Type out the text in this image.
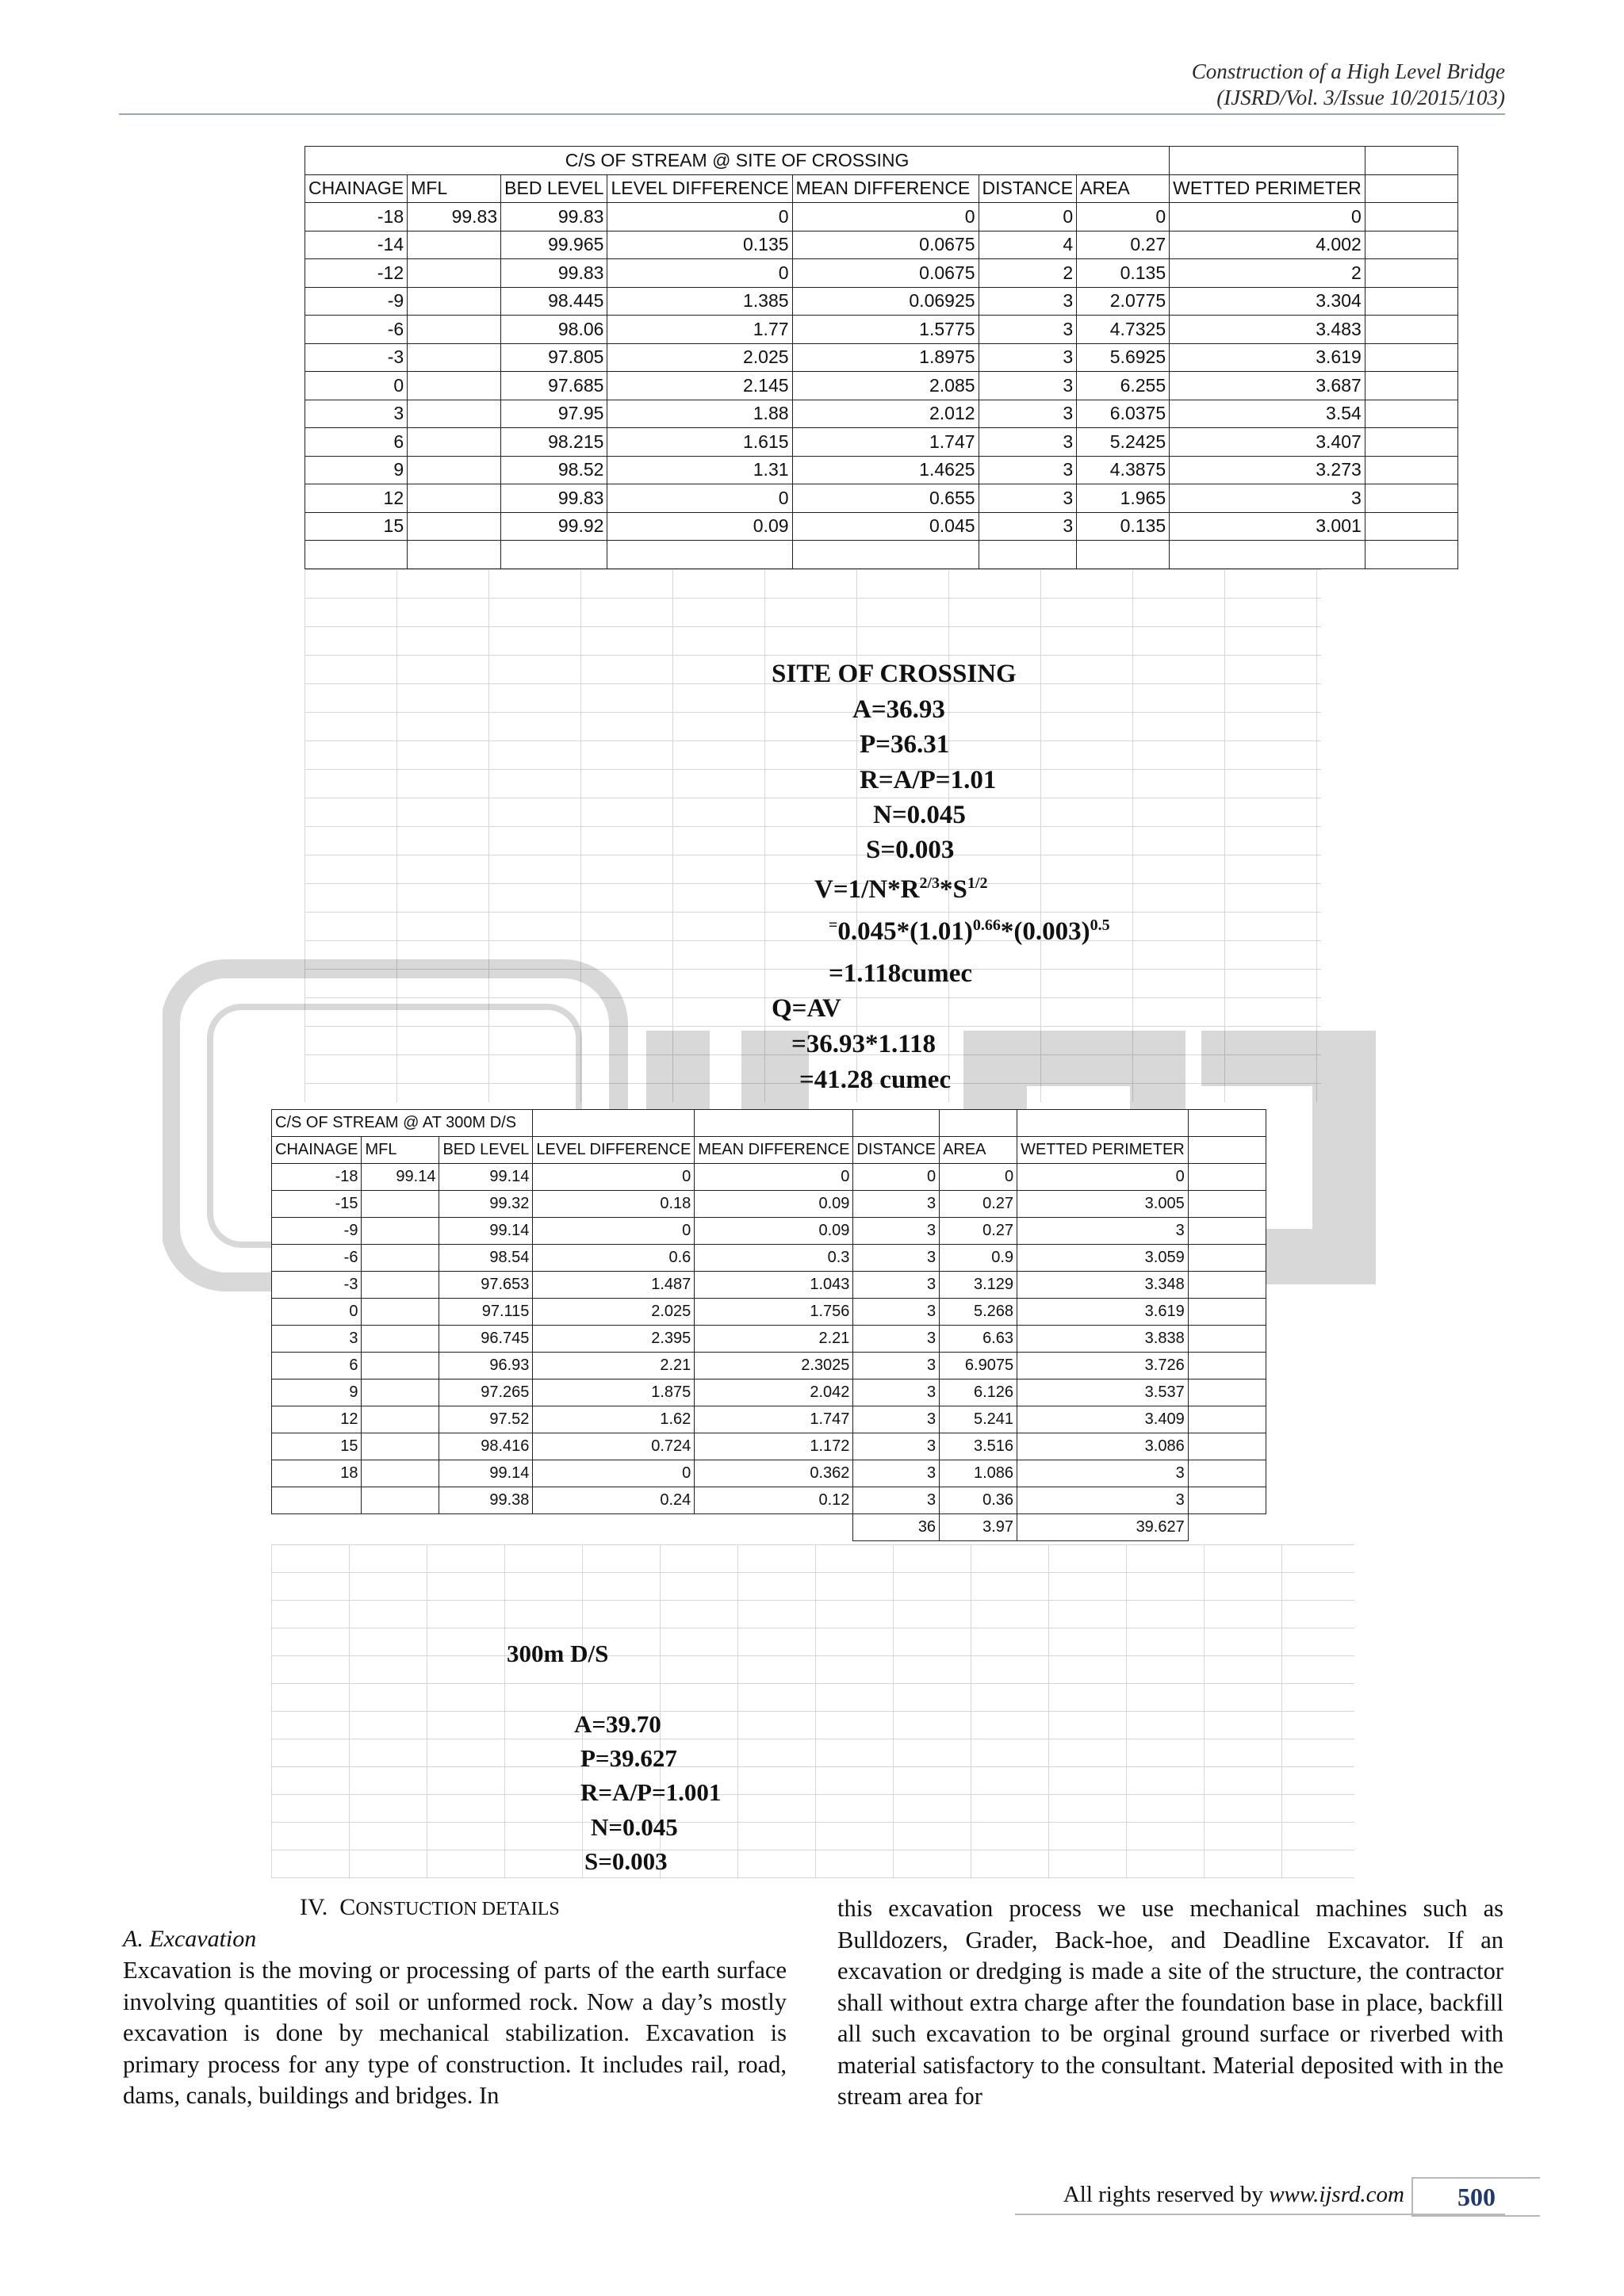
Construction of a High Level Bridge
(IJSRD/Vol. 3/Issue 10/2015/103)
C/S OF STREAM @ SITE OF CROSSING								
CHAINAGE	MFL	BED LEVEL	LEVEL DIFFERENCE	MEAN DIFFERENCE	DISTANCE	AREA	WETTED PERIMETER	
-18	99.83	99.83	0	0	0	0	0	
-14		99.965	0.135	0.0675	4	0.27	4.002	
-12		99.83	0	0.0675	2	0.135	2	
-9		98.445	1.385	0.06925	3	2.0775	3.304	
-6		98.06	1.77	1.5775	3	4.7325	3.483	
-3		97.805	2.025	1.8975	3	5.6925	3.619	
0		97.685	2.145	2.085	3	6.255	3.687	
3		97.95	1.88	2.012	3	6.0375	3.54	
6		98.215	1.615	1.747	3	5.2425	3.407	
9		98.52	1.31	1.4625	3	4.3875	3.273	
12		99.83	0	0.655	3	1.965	3	
15		99.92	0.09	0.045	3	0.135	3.001	

SITE OF CROSSING
A=36.93
P=36.31
R=A/P=1.01
N=0.045
S=0.003
$V=1/N*R^{2/3}*S^{1/2}$
$^=0.045*(1.01)^{0.66}*(0.003)^{0.5}$
=1.118cumec
Q=AV
=36.93*1.118
=41.28 cumec
C/S OF STREAM @ AT 300M D/S								
CHAINAGE	MFL	BED LEVEL	LEVEL DIFFERENCE	MEAN DIFFERENCE	DISTANCE	AREA	WETTED PERIMETER	
-18	99.14	99.14	0	0	0	0	0	
-15		99.32	0.18	0.09	3	0.27	3.005	
-9		99.14	0	0.09	3	0.27	3	
-6		98.54	0.6	0.3	3	0.9	3.059	
-3		97.653	1.487	1.043	3	3.129	3.348	
0		97.115	2.025	1.756	3	5.268	3.619	
3		96.745	2.395	2.21	3	6.63	3.838	
6		96.93	2.21	2.3025	3	6.9075	3.726	
9		97.265	1.875	2.042	3	6.126	3.537	
12		97.52	1.62	1.747	3	5.241	3.409	
15		98.416	0.724	1.172	3	3.516	3.086	
18		99.14	0	0.362	3	1.086	3	
		99.38	0.24	0.12	3	0.36	3	
					36	3.97	39.627	
300m D/S
A=39.70
P=39.627
R=A/P=1.001
N=0.045
S=0.003
IV. CONSTUCTION DETAILS
A. Excavation
Excavation is the moving or processing of parts of the earth surface involving quantities of soil or unformed rock. Now a day’s mostly excavation is done by mechanical stabilization. Excavation is primary process for any type of construction. It includes rail, road, dams, canals, buildings and bridges. In
this excavation process we use mechanical machines such as Bulldozers, Grader, Back-hoe, and Deadline Excavator. If an excavation or dredging is made a site of the structure, the contractor shall without extra charge after the foundation base in place, backfill all such excavation to be orginal ground surface or riverbed with material satisfactory to the consultant. Material deposited with in the stream area for
All rights reserved by www.ijsrd.com	500
